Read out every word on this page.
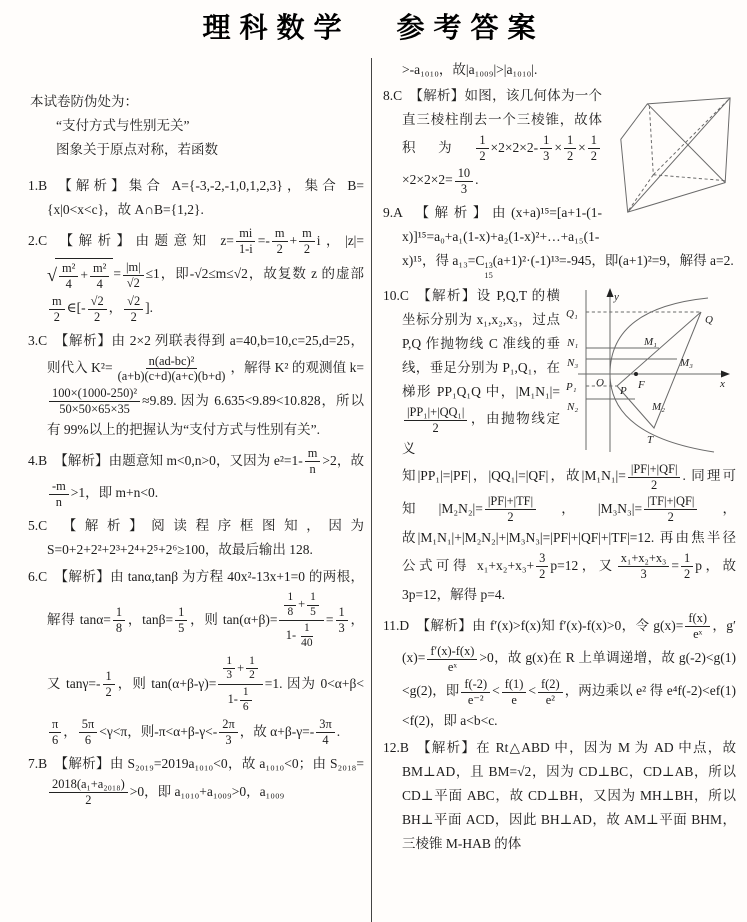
理科数学 参考答案
本试卷防伪处为：
“支付方式与性别无关”
图象关于原点对称，若函数
1.B 【解析】集合 A={-3,-2,-1,0,1,2,3}，集合 B={x|0<x<c}，故 A∩B={1,2}.
2.C 【解析】由题意知 $z= \frac{mi}{1-i} =- \frac{m}{2} + \frac{m}{2}$ i，|z|=
√ $\frac{\text{m²}}{4} + \frac{\text{m²}}{4} = \frac{|m|}{√2} \le 1$，即-√2≤m≤√2，故复数 z 的虚部
$\frac{m}{2}$ ∈[- $\frac{√2}{2}$ ， $\frac{√2}{2}$ ].
3.C 【解析】由 2×2 列联表得到 a=40,b=10,c=25,d=25，则代入 $K^2= \frac{\text{n(ad-bc)²}}{(a+b)(c+d)(a+c)(b+d)}$ ，解得 K² 的观测值 k=
$\frac{\text{100×(1000-250)²}}{50\times 50\times 65\times 35} \approx 9.89$. 因为 6.635<9.89<10.828，所以有 99%以上的把握认为“支付方式与性别有关”.
4.B 【解析】由题意知 m<0,n>0，又因为 $e^2=1- \frac{m}{n} >2$，故
$\frac{-m}{n} >1$，即 m+n<0.
5.C 【解析】阅读程序框图知，因为 S=0+2+2²+2³+2⁴+2⁵+2⁶≥100，故最后输出 128.
6.C 【解析】由 tanα,tanβ 为方程 40x²-13x+1=0 的两根，解得 $\tan\alpha= \frac{1}{8}$ ，$\tan\beta= \frac{1}{5}$ ，则 $\tan(\alpha+\beta)= \frac{\frac{1}{8} + \frac{1}{5}}{1- \frac{1}{40}} = \frac{1}{3}$ ，又 $\tan\gamma=- \frac{1}{2}$ ，则 $\tan(\alpha+\beta-\gamma)= \frac{\frac{1}{3} + \frac{1}{2}}{1- \frac{1}{6}} =1$. 因为 0<α+β<
$\frac{\pi}{6}$ ， $\frac{5\pi}{6} <\gamma<\pi$，则$-\pi<\alpha+\beta-\gamma<- \frac{2\pi}{3}$ ，故 $\alpha+\beta-\gamma=- \frac{3\pi}{4}$ .
7.B 【解析】由 S₂₀₁₉=2019a₁₀₁₀<0，故 a₁₀₁₀<0；由 S₂₀₁₈=
$\frac{\text{2018(a₁+a₂₀₁₈)}}{2} >0$，即 a₁₀₁₀+a₁₀₀₉>0，a₁₀₀₉
>-a₁₀₁₀，故|a₁₀₀₉|>|a₁₀₁₀|.
8.C 【解析】如图，该几何体为一个直三棱柱削去一个三棱锥，故体积为 $\frac{1}{2} \times 2\times 2\times 2- \frac{1}{3} \times \frac{1}{2} \times \frac{1}{2}$
$\times 2\times 2\times 2= \frac{10}{3}$ .
9.A 【解析】由(x+a)¹⁵=[a+1-(1-x)]¹⁵=a₀+a₁(1-x)+a₂(1-x)²+…+a₁₅(1-x)¹⁵，得 a₁₃=C 13
15
(a+1)²·(-1)¹³=-945，即(a+1)²=9，解得 a=2.
10.C	y
x
Q₁	Q
N₁	M₁
N₃	M₃
P₁ O
P F
N₂	M₂
T
【解析】设 P,Q,T 的横坐标分别为 x₁,x₂,x₃，过点 P,Q 作抛物线 C 准线的垂线，垂足分别为 P₁,Q₁，在梯形 PP₁Q₁Q 中，|M₁N₁|=
$\frac{\text{|PP₁|+|QQ₁|}}{2}$ ，由抛物线定义知|PP₁|=|PF|，|QQ₁|=|QF|，故$|M_1N_1|= \frac{|PF|+|QF|}{2}$ . 同理可知$|M_2N_2|= \frac{|PF|+|TF|}{2}$ ，$|M_3N_3|= \frac{|TF|+|QF|}{2}$ ，故|M₁N₁|+|M₂N₂|+|M₃N₃|=|PF|+|QF|+|TF|=12. 再由焦半径公式可得 $x_1+x_2+x_3+ \frac{3}{2} p=12$，又 $\frac{\text{x₁+x₂+x₃}}{3} = \frac{1}{2}$ p，故 3p=12，解得 p=4.
11.D 【解析】由 f′(x)>f(x)知 f′(x)-f(x)>0，令 $g(x)= \frac{f(x)}{\text{eˣ}}$ ，$g'(x)= \frac{f'(x)-f(x)}{\text{eˣ}} >0$，故 g(x)在 R 上单调递增，故 g(-2)<g(1)<g(2)，即 $\frac{f(-2)}{\text{e⁻²}} < \frac{f(1)}{e} < \frac{f(2)}{\text{e²}}$ ，两边乘以 e² 得 e⁴f(-2)<ef(1)<f(2)，即 a<b<c.
12.B 【解析】在 Rt△ABD 中，因为 M 为 AD 中点，故 BM⊥AD，且 BM=√2，因为 CD⊥BC，CD⊥AB，所以 CD⊥平面 ABC，故 CD⊥BH，又因为 MH⊥BH，所以 BH⊥平面 ACD，因此 BH⊥AD，故 AM⊥平面 BHM，三棱锥 M-HAB 的体
